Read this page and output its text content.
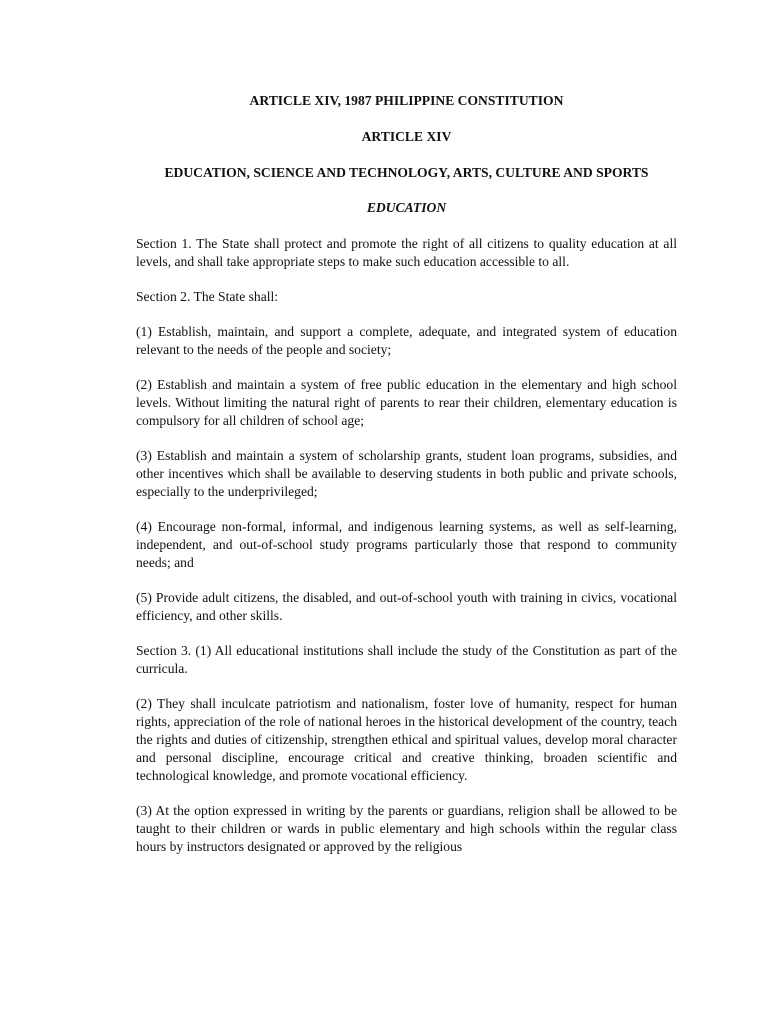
ARTICLE XIV, 1987 PHILIPPINE CONSTITUTION
ARTICLE XIV
EDUCATION, SCIENCE AND TECHNOLOGY, ARTS, CULTURE AND SPORTS
EDUCATION

Section 1. The State shall protect and promote the right of all citizens to quality education at all levels, and shall take appropriate steps to make such education accessible to all.

Section 2. The State shall:

(1) Establish, maintain, and support a complete, adequate, and integrated system of education relevant to the needs of the people and society;

(2) Establish and maintain a system of free public education in the elementary and high school levels. Without limiting the natural right of parents to rear their children, elementary education is compulsory for all children of school age;

(3) Establish and maintain a system of scholarship grants, student loan programs, subsidies, and other incentives which shall be available to deserving students in both public and private schools, especially to the underprivileged;

(4) Encourage non-formal, informal, and indigenous learning systems, as well as self-learning, independent, and out-of-school study programs particularly those that respond to community needs; and

(5) Provide adult citizens, the disabled, and out-of-school youth with training in civics, vocational efficiency, and other skills.

Section 3. (1) All educational institutions shall include the study of the Constitution as part of the curricula.

(2) They shall inculcate patriotism and nationalism, foster love of humanity, respect for human rights, appreciation of the role of national heroes in the historical development of the country, teach the rights and duties of citizenship, strengthen ethical and spiritual values, develop moral character and personal discipline, encourage critical and creative thinking, broaden scientific and technological knowledge, and promote vocational efficiency.

(3) At the option expressed in writing by the parents or guardians, religion shall be allowed to be taught to their children or wards in public elementary and high schools within the regular class hours by instructors designated or approved by the religious
